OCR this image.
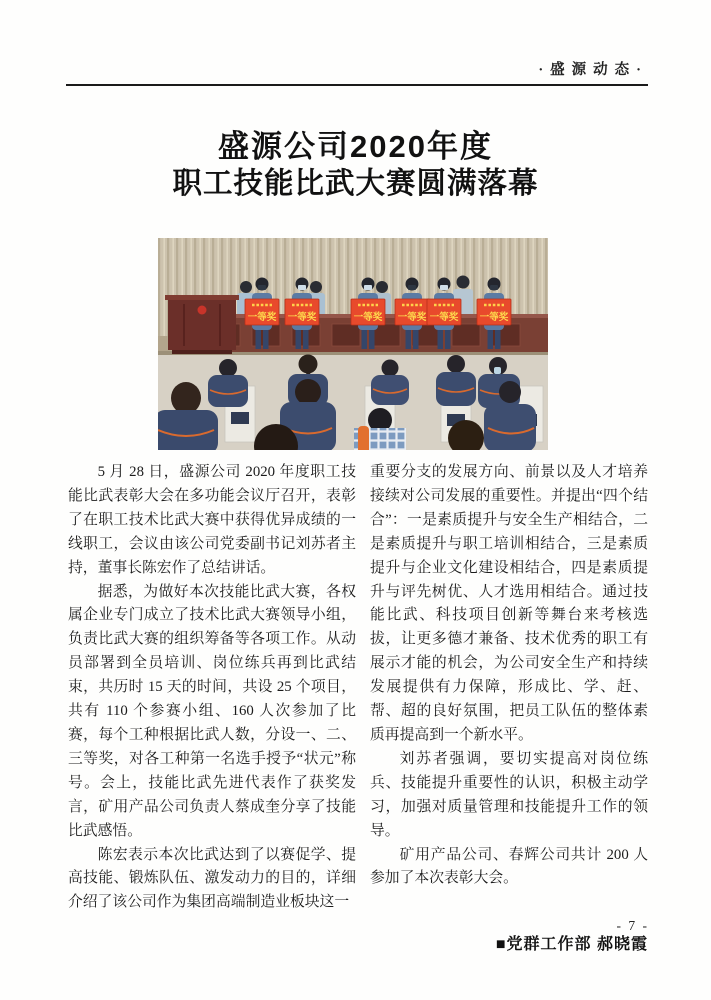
·盛源动态·
盛源公司2020年度
职工技能比武大赛圆满落幕
一等奖 一等奖	一等奖 一等奖 一等奖 一等奖

5 月 28 日，盛源公司 2020 年度职工技能比武表彰大会在多功能会议厅召开，表彰了在职工技术比武大赛中获得优异成绩的一线职工，会议由该公司党委副书记刘苏者主持，董事长陈宏作了总结讲话。

据悉，为做好本次技能比武大赛，各权属企业专门成立了技术比武大赛领导小组，负责比武大赛的组织筹备等各项工作。从动员部署到全员培训、岗位练兵再到比武结束，共历时 15 天的时间，共设 25 个项目，共有 110 个参赛小组、160 人次参加了比赛，每个工种根据比武人数，分设一、二、三等奖，对各工种第一名选手授予“状元”称号。会上，技能比武先进代表作了获奖发言，矿用产品公司负责人蔡成奎分享了技能比武感悟。

陈宏表示本次比武达到了以赛促学、提高技能、锻炼队伍、激发动力的目的，详细介绍了该公司作为集团高端制造业板块这一

重要分支的发展方向、前景以及人才培养接续对公司发展的重要性。并提出“四个结合”：一是素质提升与安全生产相结合，二是素质提升与职工培训相结合，三是素质提升与企业文化建设相结合，四是素质提升与评先树优、人才选用相结合。通过技能比武、科技项目创新等舞台来考核选拔，让更多德才兼备、技术优秀的职工有展示才能的机会，为公司安全生产和持续发展提供有力保障，形成比、学、赶、帮、超的良好氛围，把员工队伍的整体素质再提高到一个新水平。

刘苏者强调，要切实提高对岗位练兵、技能提升重要性的认识，积极主动学习，加强对质量管理和技能提升工作的领导。

矿用产品公司、春辉公司共计 200 人参加了本次表彰大会。

■党群工作部 郝晓霞
- 7 -
